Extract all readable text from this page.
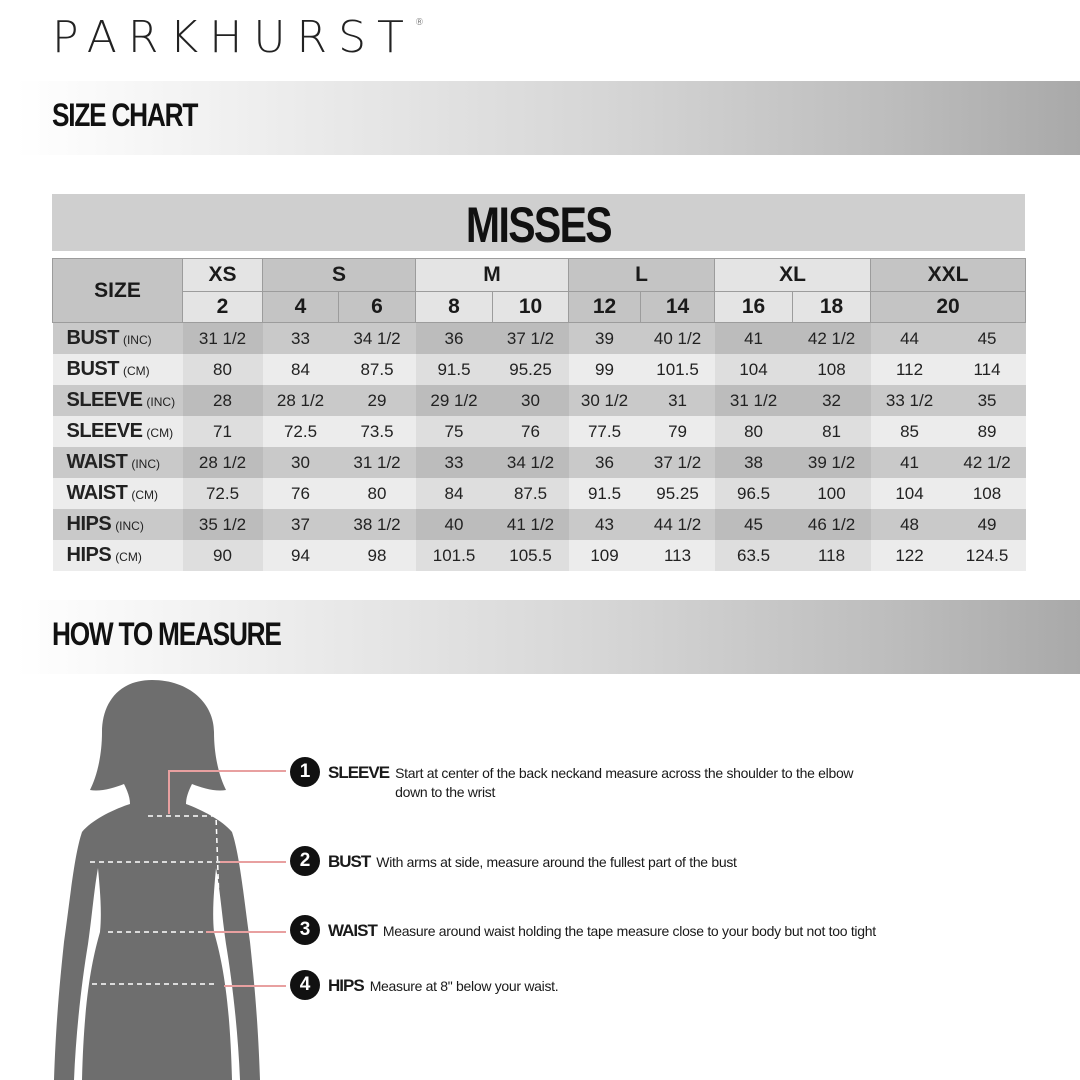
PARKHURST®
SIZE CHART
MISSES
SIZE	XS	S		M		L		XL		XXL	
	2	4	6	8	10	12	14	16	18	20	
BUST (INC)	31 1/2	33	34 1/2	36	37 1/2	39	40 1/2	41	42 1/2	44	45
BUST (CM)	80	84	87.5	91.5	95.25	99	101.5	104	108	112	114
SLEEVE (INC)	28	28 1/2	29	29 1/2	30	30 1/2	31	31 1/2	32	33 1/2	35
SLEEVE (CM)	71	72.5	73.5	75	76	77.5	79	80	81	85	89
WAIST (INC)	28 1/2	30	31 1/2	33	34 1/2	36	37 1/2	38	39 1/2	41	42 1/2
WAIST (CM)	72.5	76	80	84	87.5	91.5	95.25	96.5	100	104	108
HIPS (INC)	35 1/2	37	38 1/2	40	41 1/2	43	44 1/2	45	46 1/2	48	49
HIPS (CM)	90	94	98	101.5	105.5	109	113	63.5	118	122	124.5
HOW TO MEASURE
1	SLEEVE Start at center of the back neckand measure across the shoulder to the elbow down to the wrist
2	BUST With arms at side, measure around the fullest part of the bust
3	WAIST Measure around waist holding the tape measure close to your body but not too tight
4	HIPS Measure at 8" below your waist.
